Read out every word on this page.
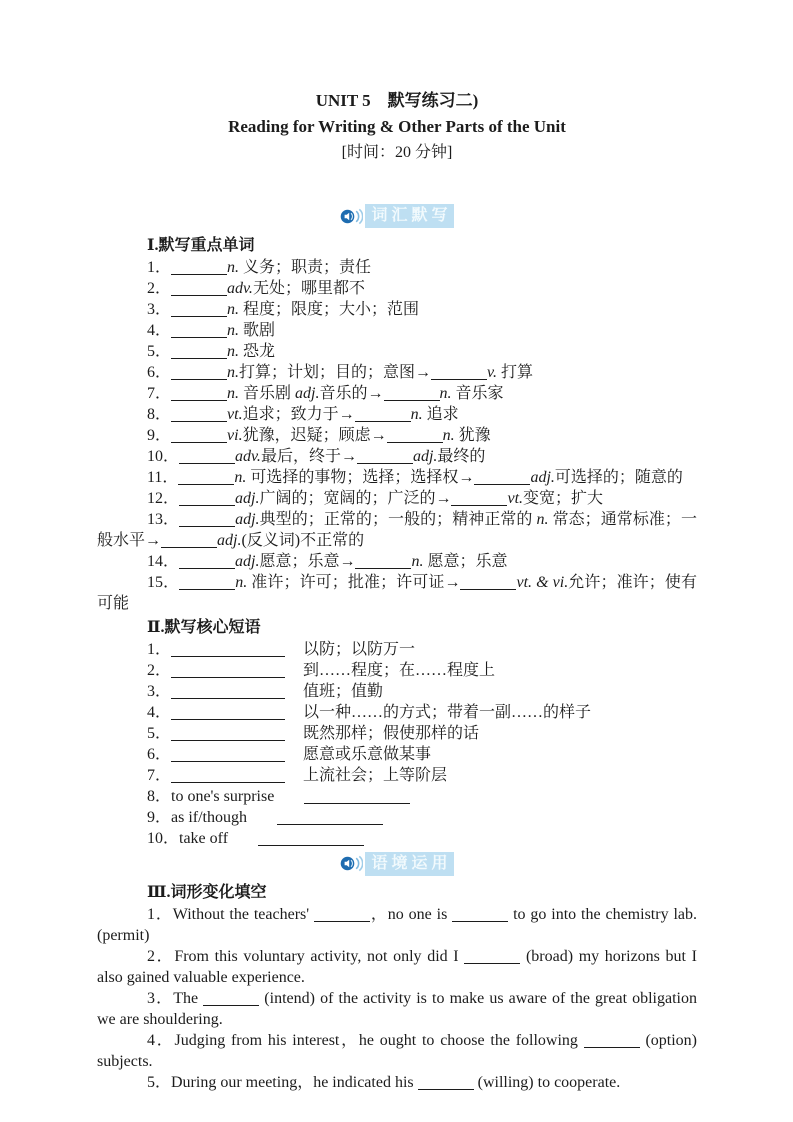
UNIT 5　默写练习二)
Reading for Writing & Other Parts of the Unit
[时间：20 分钟]
词汇默写

Ⅰ.默写重点单词

1．	n. 义务；职责；责任

2．	adv.无处；哪里都不

3．	n. 程度；限度；大小；范围

4．	n. 歌剧

5．	n. 恐龙

6．	n.打算；计划；目的；意图→	v. 打算

7．	n. 音乐剧 adj.音乐的→	n. 音乐家

8．	vt.追求；致力于→	n. 追求

9．	vi.犹豫，迟疑；顾虑→	n. 犹豫

10．	adv.最后，终于→	adj.最终的

11．	n. 可选择的事物；选择；选择权→	adj.可选择的；随意的

12．	adj.广阔的；宽阔的；广泛的→	vt.变宽；扩大

13．	adj.典型的；正常的；一般的；精神正常的 n. 常态；通常标准；一般水平→	adj.(反义词)不正常的

14．	adj.愿意；乐意→	n. 愿意；乐意

15．	n. 准许；许可；批准；许可证→	vt. & vi.允许；准许；使有可能

Ⅱ.默写核心短语

1．	以防；以防万一

2．	到……程度；在……程度上

3．	值班；值勤

4．	以一种……的方式；带着一副……的样子

5．	既然那样；假使那样的话

6．	愿意或乐意做某事

7．	上流社会；上等阶层

8．to one's surprise

9．as if/though

10．take off

语境运用

Ⅲ.词形变化填空

1．Without the teachers'	，no one is	to go into the chemistry lab.(permit)

2．From this voluntary activity, not only did I	(broad) my horizons but I also gained valuable experience.

3．The	(intend) of the activity is to make us aware of the great obligation we are shouldering.

4．Judging from his interest，he ought to choose the following	(option) subjects.

5．During our meeting，he indicated his	(willing) to cooperate.
